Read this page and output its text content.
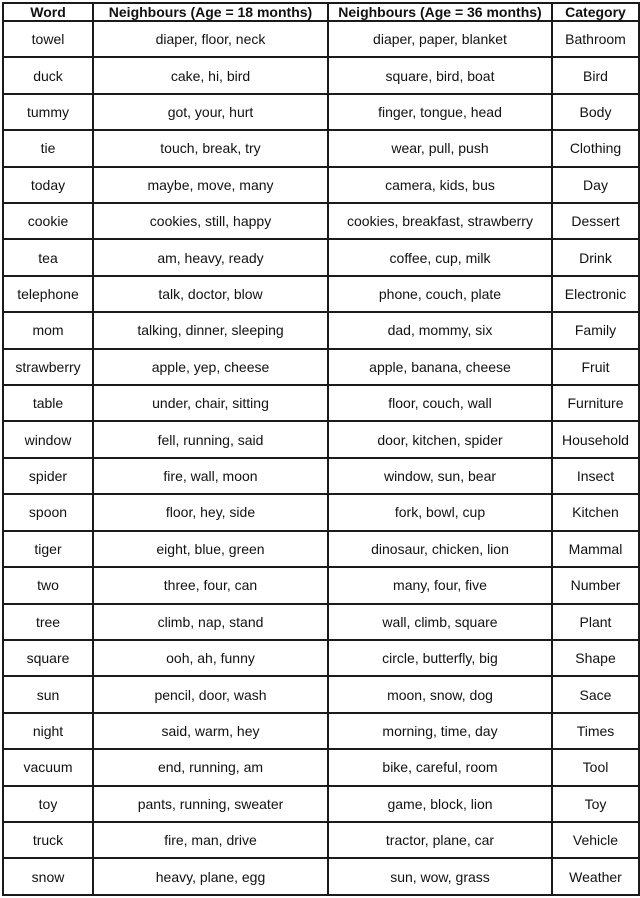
Word	Neighbours (Age = 18 months)	Neighbours (Age = 36 months)	Category
towel	diaper, floor, neck	diaper, paper, blanket	Bathroom
duck	cake, hi, bird	square, bird, boat	Bird
tummy	got, your, hurt	finger, tongue, head	Body
tie	touch, break, try	wear, pull, push	Clothing
today	maybe, move, many	camera, kids, bus	Day
cookie	cookies, still, happy	cookies, breakfast, strawberry	Dessert
tea	am, heavy, ready	coffee, cup, milk	Drink
telephone	talk, doctor, blow	phone, couch, plate	Electronic
mom	talking, dinner, sleeping	dad, mommy, six	Family
strawberry	apple, yep, cheese	apple, banana, cheese	Fruit
table	under, chair, sitting	floor, couch, wall	Furniture
window	fell, running, said	door, kitchen, spider	Household
spider	fire, wall, moon	window, sun, bear	Insect
spoon	floor, hey, side	fork, bowl, cup	Kitchen
tiger	eight, blue, green	dinosaur, chicken, lion	Mammal
two	three, four, can	many, four, five	Number
tree	climb, nap, stand	wall, climb, square	Plant
square	ooh, ah, funny	circle, butterfly, big	Shape
sun	pencil, door, wash	moon, snow, dog	Sace
night	said, warm, hey	morning, time, day	Times
vacuum	end, running, am	bike, careful, room	Tool
toy	pants, running, sweater	game, block, lion	Toy
truck	fire, man, drive	tractor, plane, car	Vehicle
snow	heavy, plane, egg	sun, wow, grass	Weather
